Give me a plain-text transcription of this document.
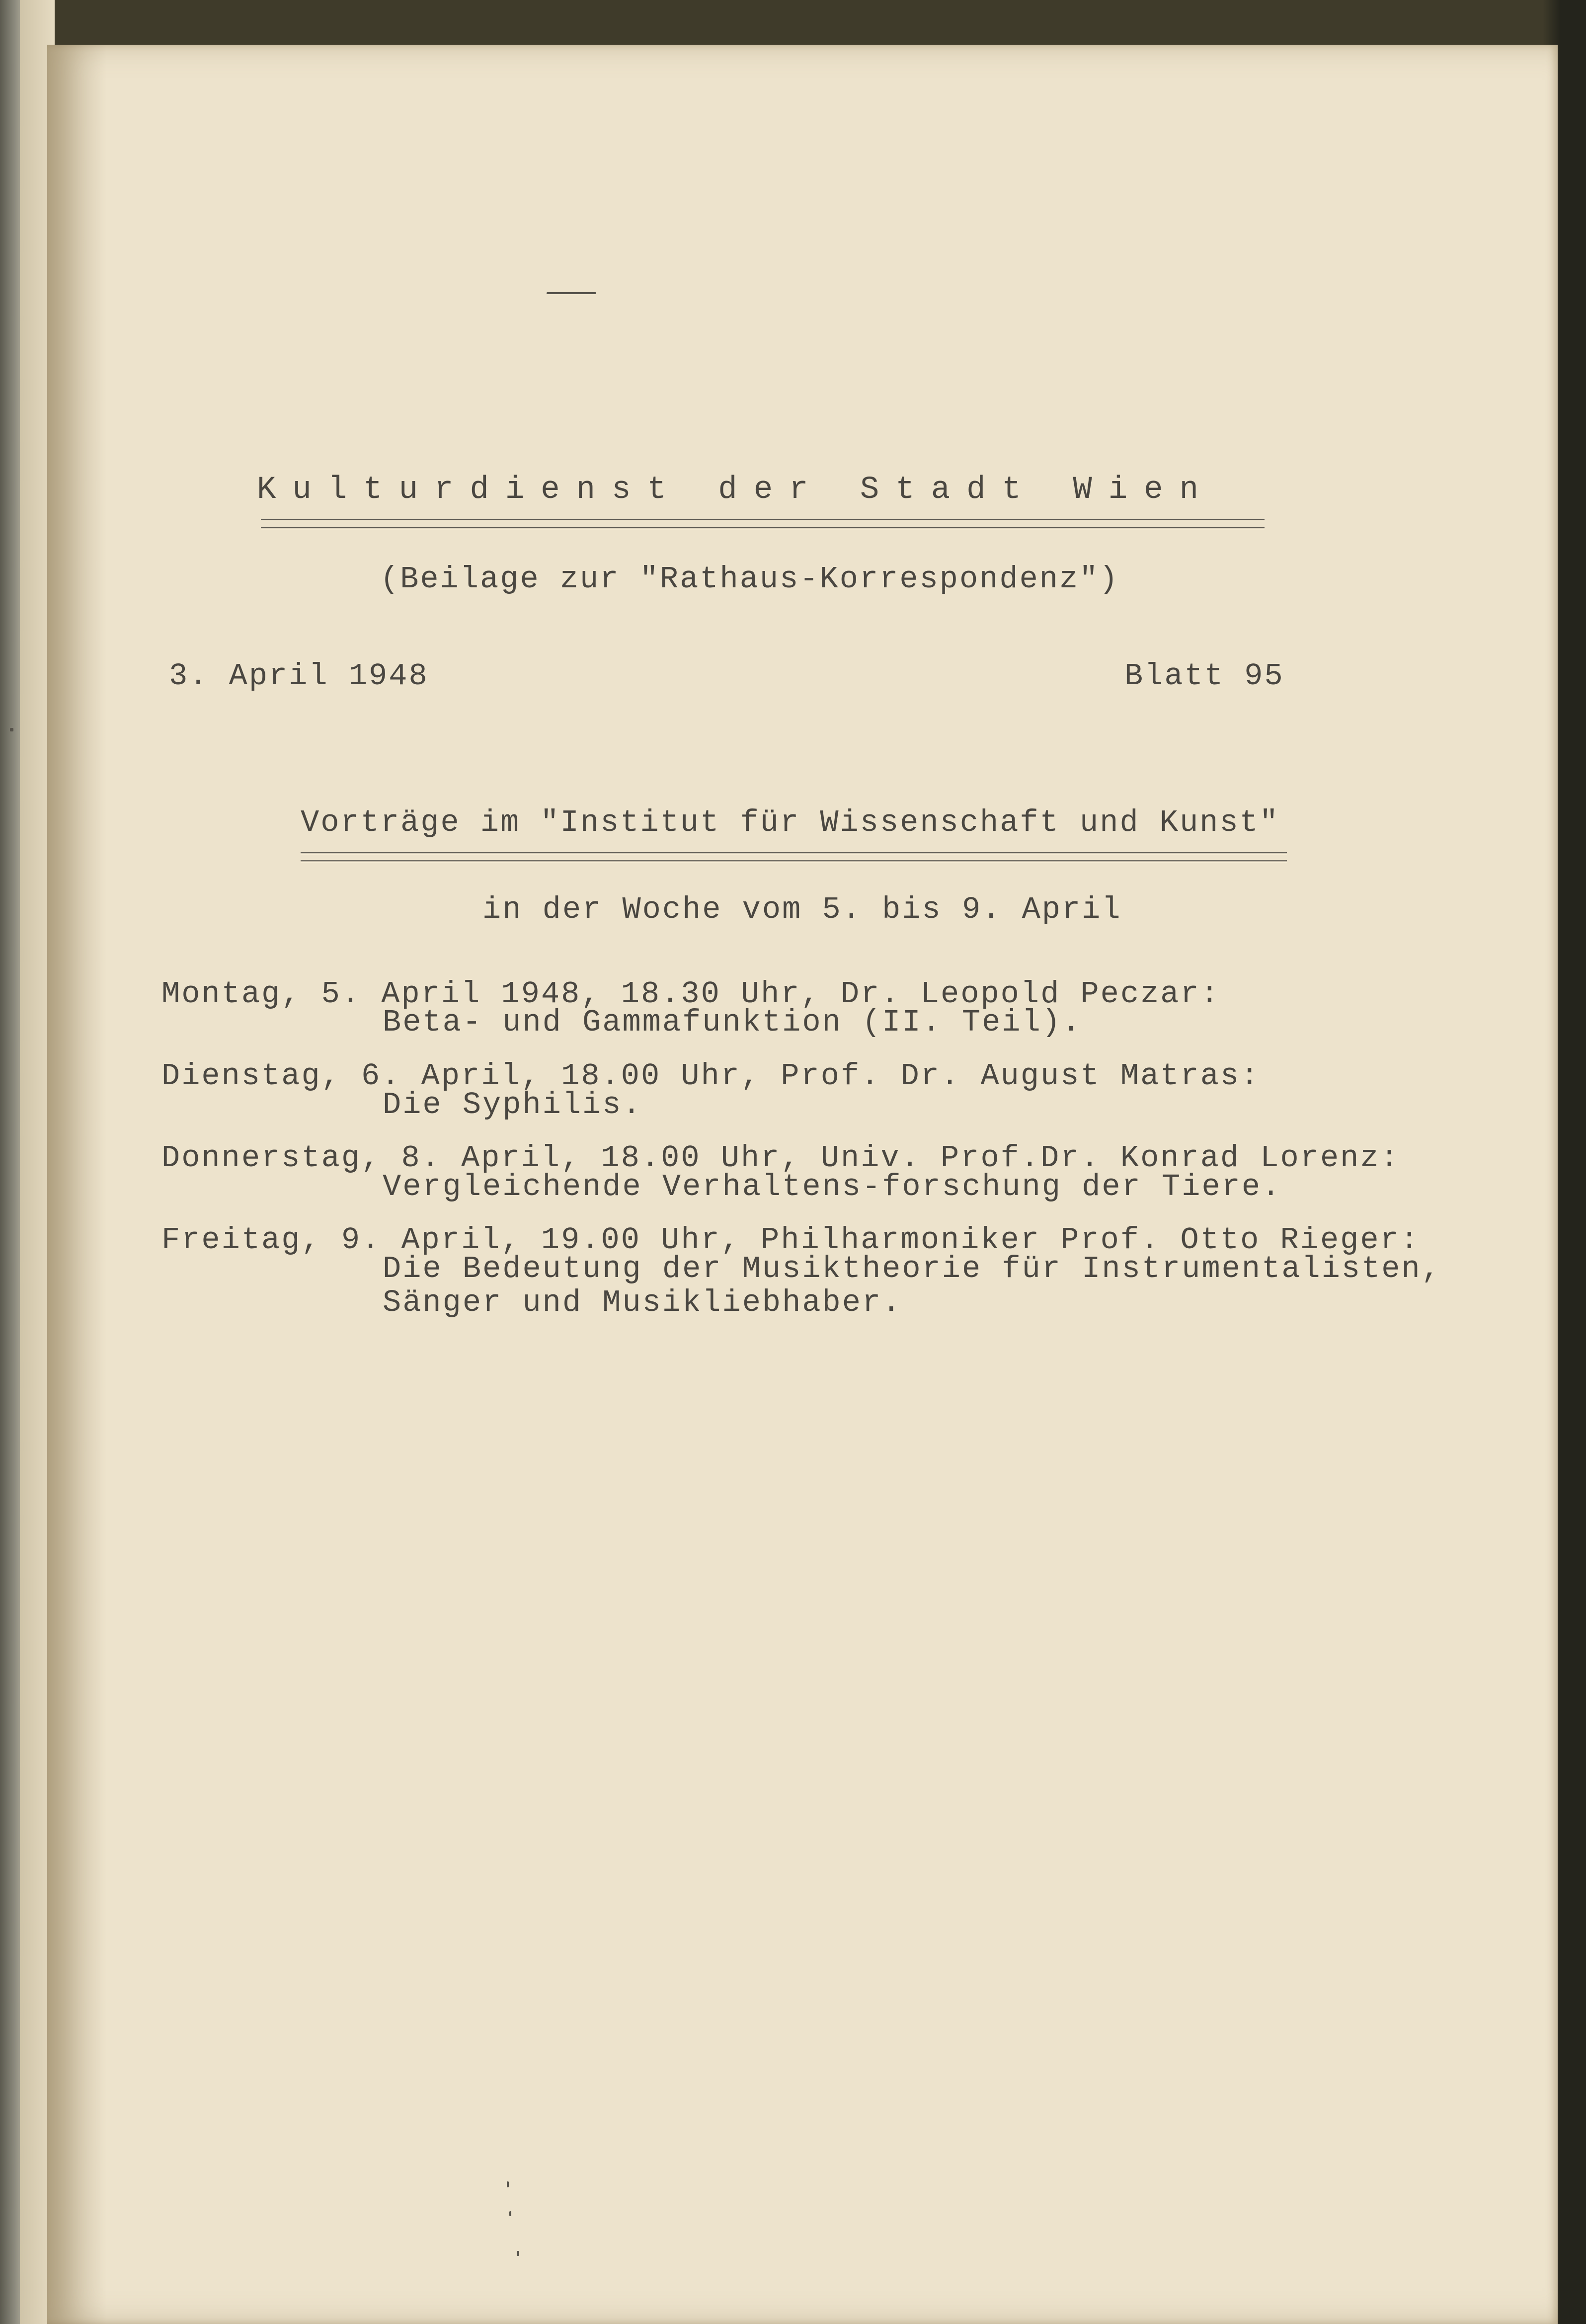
Kulturdienst der Stadt Wien
(Beilage zur "Rathaus-Korrespondenz")
3. April 1948	Blatt 95
Vorträge im "Institut für Wissenschaft und Kunst"
in der Woche vom 5. bis 9. April
Montag, 5. April 1948, 18.30 Uhr, Dr. Leopold Peczar:
Beta- und Gammafunktion (II. Teil).
Dienstag, 6. April, 18.00 Uhr, Prof. Dr. August Matras:
Die Syphilis.
Donnerstag, 8. April, 18.00 Uhr, Univ. Prof.Dr. Konrad Lorenz:
Vergleichende Verhaltens-forschung der Tiere.
Freitag, 9. April, 19.00 Uhr, Philharmoniker Prof. Otto Rieger:
Die Bedeutung der Musiktheorie für Instrumentalisten,
Sänger und Musikliebhaber.
